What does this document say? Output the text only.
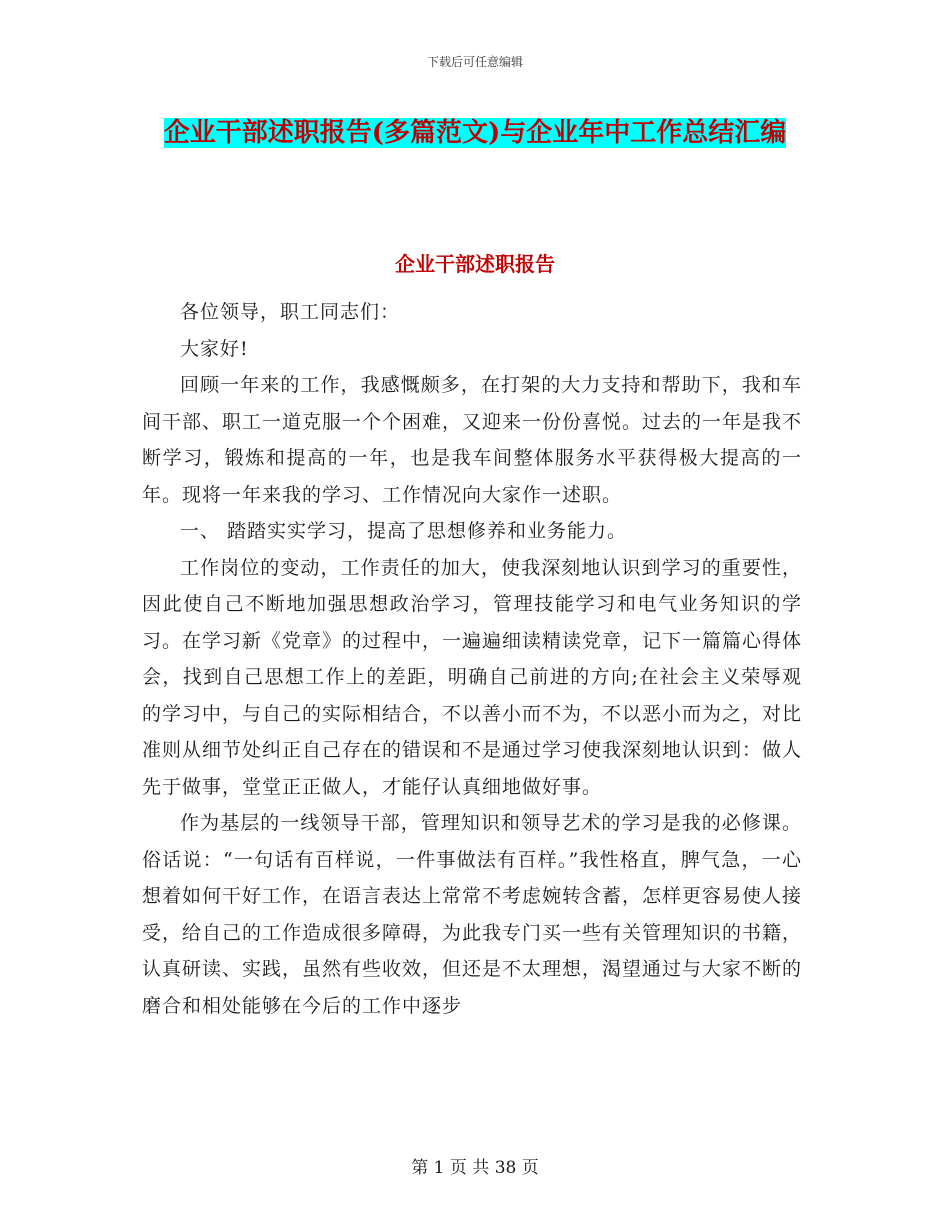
下载后可任意编辑
企业干部述职报告(多篇范文)与企业年中工作总结汇编
企业干部述职报告

各位领导，职工同志们：

大家好!

回顾一年来的工作，我感慨颇多，在打架的大力支持和帮助下，我和车间干部、职工一道克服一个个困难，又迎来一份份喜悦。过去的一年是我不断学习，锻炼和提高的一年，也是我车间整体服务水平获得极大提高的一年。现将一年来我的学习、工作情况向大家作一述职。

一、 踏踏实实学习，提高了思想修养和业务能力。

工作岗位的变动，工作责任的加大，使我深刻地认识到学习的重要性，因此使自己不断地加强思想政治学习，管理技能学习和电气业务知识的学习。在学习新《党章》的过程中，一遍遍细读精读党章，记下一篇篇心得体会，找到自己思想工作上的差距，明确自己前进的方向;在社会主义荣辱观的学习中，与自己的实际相结合，不以善小而不为，不以恶小而为之，对比准则从细节处纠正自己存在的错误和不是通过学习使我深刻地认识到：做人先于做事，堂堂正正做人，才能仔认真细地做好事。

作为基层的一线领导干部，管理知识和领导艺术的学习是我的必修课。俗话说：“一句话有百样说，一件事做法有百样。”我性格直，脾气急，一心想着如何干好工作，在语言表达上常常不考虑婉转含蓄，怎样更容易使人接受，给自己的工作造成很多障碍，为此我专门买一些有关管理知识的书籍，认真研读、实践，虽然有些收效，但还是不太理想，渴望通过与大家不断的磨合和相处能够在今后的工作中逐步

第 1 页 共 38 页
